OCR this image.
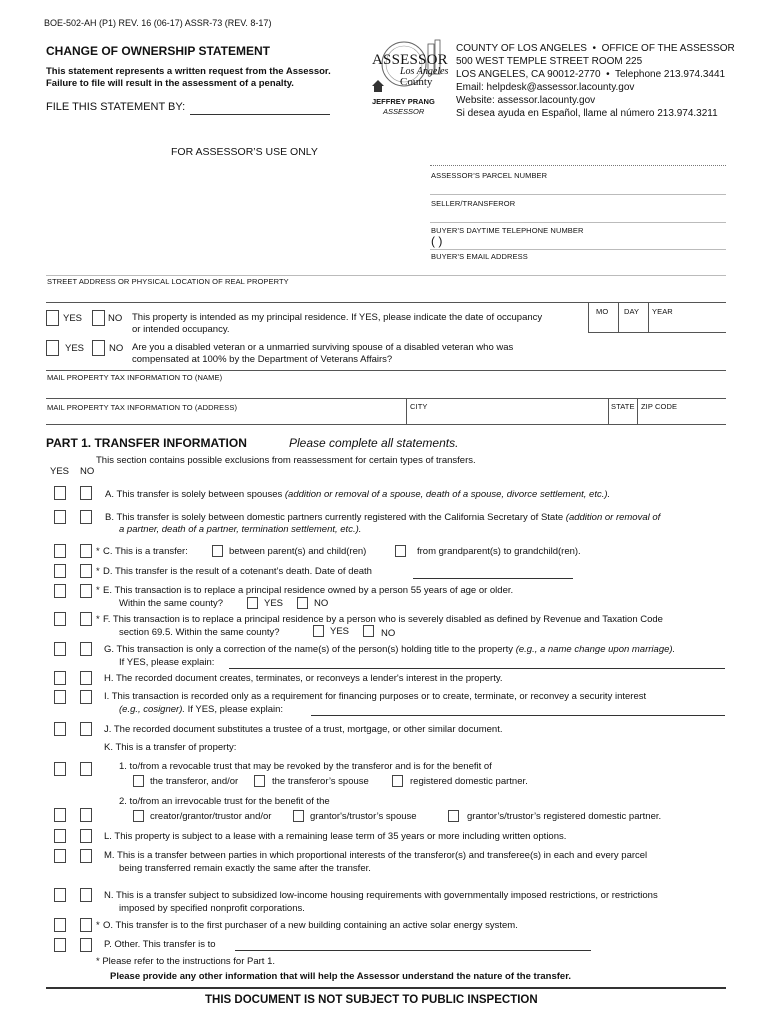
BOE-502-AH (P1) REV. 16 (06-17) ASSR-73 (REV. 8-17)
CHANGE OF OWNERSHIP STATEMENT
This statement represents a written request from the Assessor.
Failure to file will result in the assessment of a penalty.
FILE THIS STATEMENT BY:
ASSESSOR
Los Angeles
County
JEFFREY PRANG
ASSESSOR
COUNTY OF LOS ANGELES  •  OFFICE OF THE ASSESSOR
500 WEST TEMPLE STREET ROOM 225
LOS ANGELES, CA 90012-2770  •  Telephone 213.974.3441
Email: helpdesk@assessor.lacounty.gov
Website: assessor.lacounty.gov
Si desea ayuda en Español, llame al número 213.974.3211
FOR ASSESSOR’S USE ONLY
ASSESSOR’S PARCEL NUMBER
SELLER/TRANSFEROR
BUYER’S DAYTIME TELEPHONE NUMBER
( )
BUYER’S EMAIL ADDRESS
STREET ADDRESS OR PHYSICAL LOCATION OF REAL PROPERTY
YES	NO This property is intended as my principal residence. If YES, please indicate the date of occupancy
or intended occupancy.
MO DAY YEAR
YES	NO Are you a disabled veteran or a unmarried surviving spouse of a disabled veteran who was
compensated at 100% by the Department of Veterans Affairs?
MAIL PROPERTY TAX INFORMATION TO (NAME)
MAIL PROPERTY TAX INFORMATION TO (ADDRESS)	CITY	STATE ZIP CODE
PART 1. TRANSFER INFORMATION	Please complete all statements.
This section contains possible exclusions from reassessment for certain types of transfers.
YES NO
A. This transfer is solely between spouses (addition or removal of a spouse, death of a spouse, divorce settlement, etc.).
B. This transfer is solely between domestic partners currently registered with the California Secretary of State (addition or removal of
a partner, death of a partner, termination settlement, etc.).
* C. This is a transfer:	between parent(s) and child(ren)	from grandparent(s) to grandchild(ren).
* D. This transfer is the result of a cotenant’s death. Date of death
* E. This transaction is to replace a principal residence owned by a person 55 years of age or older.
Within the same county?	YES	NO
* F. This transaction is to replace a principal residence by a person who is severely disabled as defined by Revenue and Taxation Code
section 69.5. Within the same county?	YES	NO
G. This transaction is only a correction of the name(s) of the person(s) holding title to the property (e.g., a name change upon marriage).
If YES, please explain:
H. The recorded document creates, terminates, or reconveys a lender's interest in the property.
I. This transaction is recorded only as a requirement for financing purposes or to create, terminate, or reconvey a security interest
(e.g., cosigner). If YES, please explain:
J. The recorded document substitutes a trustee of a trust, mortgage, or other similar document.
K. This is a transfer of property:
1. to/from a revocable trust that may be revoked by the transferor and is for the benefit of
the transferor, and/or	the transferor’s spouse	registered domestic partner.
2. to/from an irrevocable trust for the benefit of the
creator/grantor/trustor and/or	grantor's/trustor’s spouse	grantor’s/trustor’s registered domestic partner.
L. This property is subject to a lease with a remaining lease term of 35 years or more including written options.
M. This is a transfer between parties in which proportional interests of the transferor(s) and transferee(s) in each and every parcel
being transferred remain exactly the same after the transfer.
N. This is a transfer subject to subsidized low-income housing requirements with governmentally imposed restrictions, or restrictions
imposed by specified nonprofit corporations.
* O. This transfer is to the first purchaser of a new building containing an active solar energy system.
P. Other. This transfer is to
* Please refer to the instructions for Part 1.
Please provide any other information that will help the Assessor understand the nature of the transfer.
THIS DOCUMENT IS NOT SUBJECT TO PUBLIC INSPECTION
